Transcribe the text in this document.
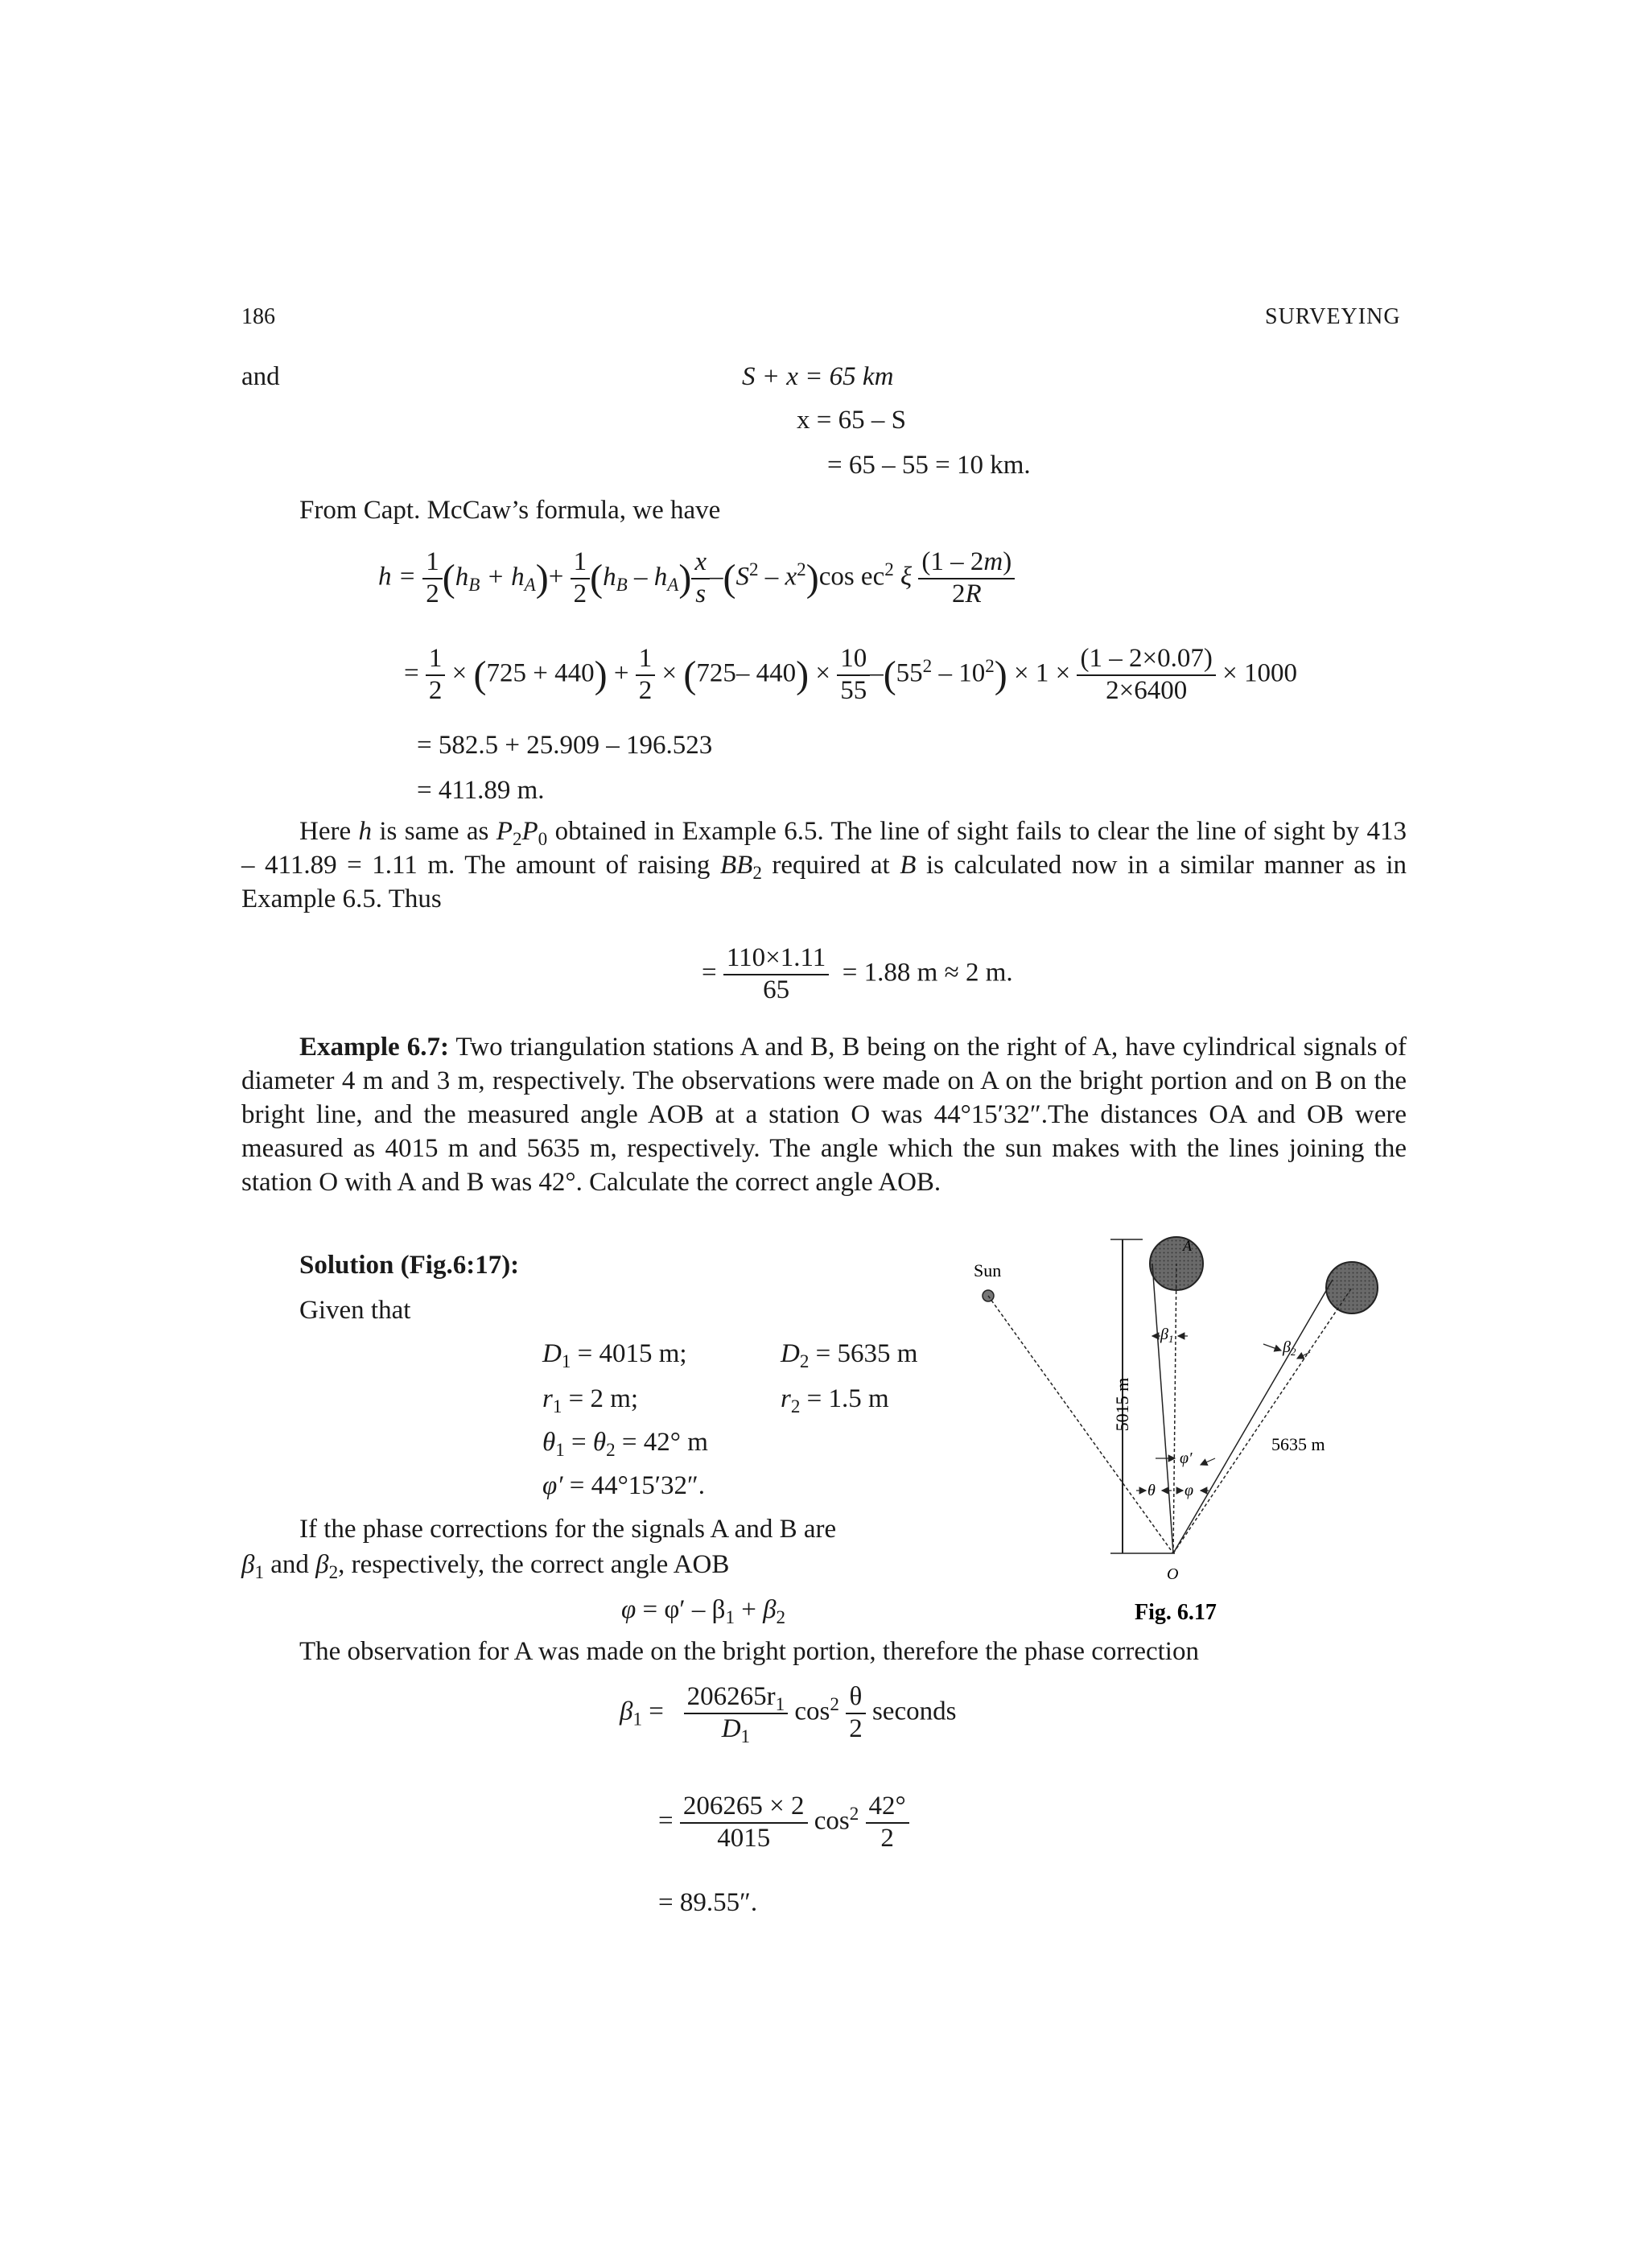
186	SURVEYING
and	S + x = 65 km
x = 65 – S
= 65 – 55 = 10 km.
From Capt. McCaw’s formula, we have
$h = \frac{1}{2} (h_B + h_A)+ \frac{1}{2} (h_B - h_A) \frac{x}{s} -(S^2 - x^2)\cos$ $ec^2$ ξ $\frac{(1 - 2m)}{2R}$
= $\frac{1}{2} \times (725 + 440) + \frac{1}{2} \times (725-$ $440) \times \frac{10}{55} -(55^2 - 10^2) \times 1 \times \frac{(1 - 2\times 0.07)}{2\times 6400} \times 1000$
= 582.5 + 25.909 – 196.523
= 411.89 m.
Here h is same as $P_2P_0$ obtained in Example 6.5. The line of sight fails to clear the line of sight by 413 – 411.89 = 1.11 m. The amount of raising $BB_2$ required at B is calculated now in a similar manner as in Example 6.5. Thus
= $\frac{110\times 1.11}{65} = 1.88$ m ≈ 2 m.
Example 6.7: Two triangulation stations A and B, B being on the right of A, have cylindrical signals of diameter 4 m and 3 m, respectively. The observations were made on A on the bright portion and on B on the bright line, and the measured angle AOB at a station O was 44°15′32″.The distances OA and OB were measured as 4015 m and 5635 m, respectively. The angle which the sun makes with the lines joining the station O with A and B was 42°. Calculate the correct angle AOB.
Solution (Fig.6:17):
Given that
$D_1 = 4015$ m;	$D_2 = 5635$ m
$r_1 = 2$ m;	$r_2 = 1.5$ m
$\theta_1 = \theta_2 = 42^\circ$ m
φ′ = 44°15′32″.
If the phase corrections for the signals A and B are
$\beta_1$ and $\beta_2$, respectively, the correct angle AOB
$\varphi = \varphi' - \beta_1 + \beta_2$
The observation for A was made on the bright portion, therefore the phase correction
$\beta_1 = \frac{206265r_1}{D_1} \cos^2 \frac{\theta}{2}$ seconds
= $\frac{206265 \times 2}{4015} \cos^2 \frac{42^\circ}{2}$
= 89.55″.
Sun
A
5015 m
5635 m
$\beta_1$	$\beta_2$
φ′
θ φ
O
Fig. 6.17
